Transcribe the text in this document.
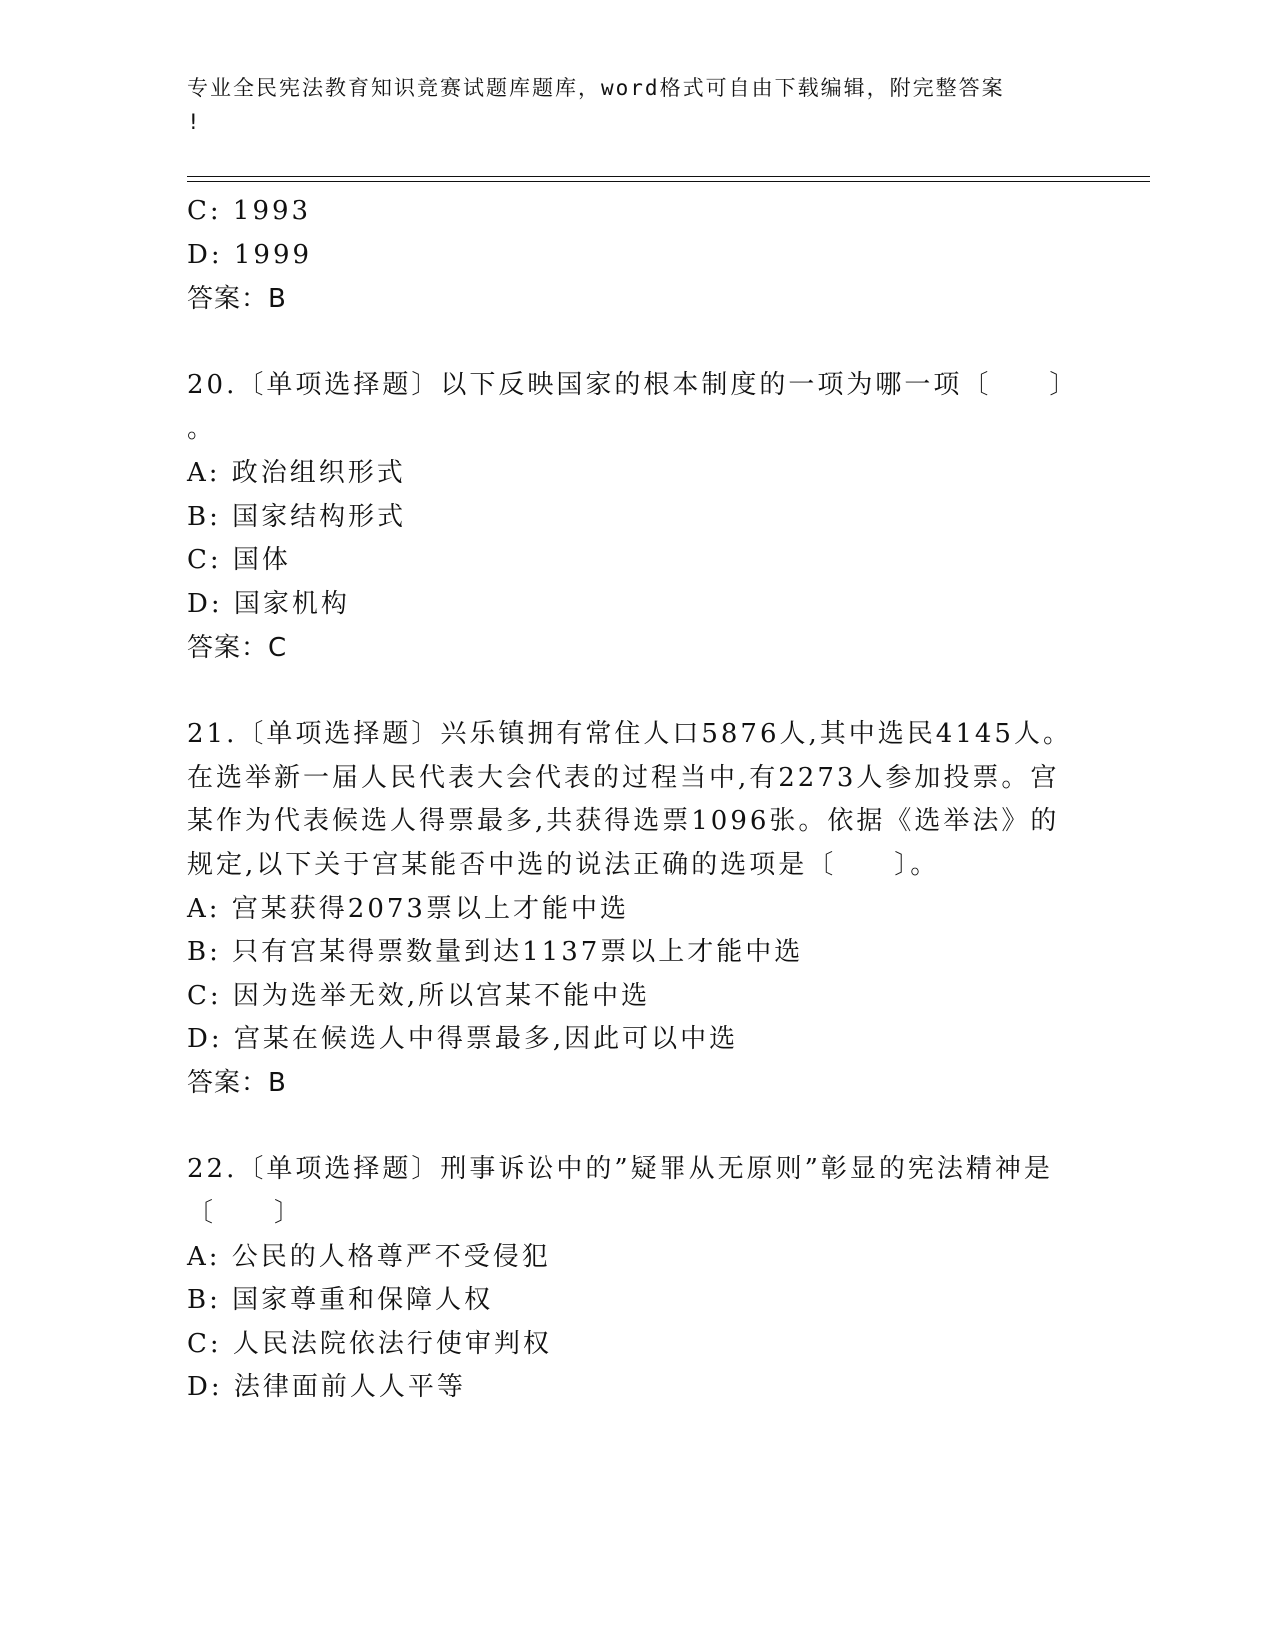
专业全民宪法教育知识竞赛试题库题库，word格式可自由下载编辑，附完整答案
!
C: 1993
D: 1999
答案：B
20.〔单项选择题〕以下反映国家的根本制度的一项为哪一项〔　　〕
。
A: 政治组织形式
B: 国家结构形式
C: 国体
D: 国家机构
答案：C
21.〔单项选择题〕兴乐镇拥有常住人口5876人,其中选民4145人。
在选举新一届人民代表大会代表的过程当中,有2273人参加投票。宫
某作为代表候选人得票最多,共获得选票1096张。依据《选举法》的
规定,以下关于宫某能否中选的说法正确的选项是〔　　〕。
A: 宫某获得2073票以上才能中选
B: 只有宫某得票数量到达1137票以上才能中选
C: 因为选举无效,所以宫某不能中选
D: 宫某在候选人中得票最多,因此可以中选
答案：B
22.〔单项选择题〕刑事诉讼中的”疑罪从无原则”彰显的宪法精神是
〔　　〕
A: 公民的人格尊严不受侵犯
B: 国家尊重和保障人权
C: 人民法院依法行使审判权
D: 法律面前人人平等
